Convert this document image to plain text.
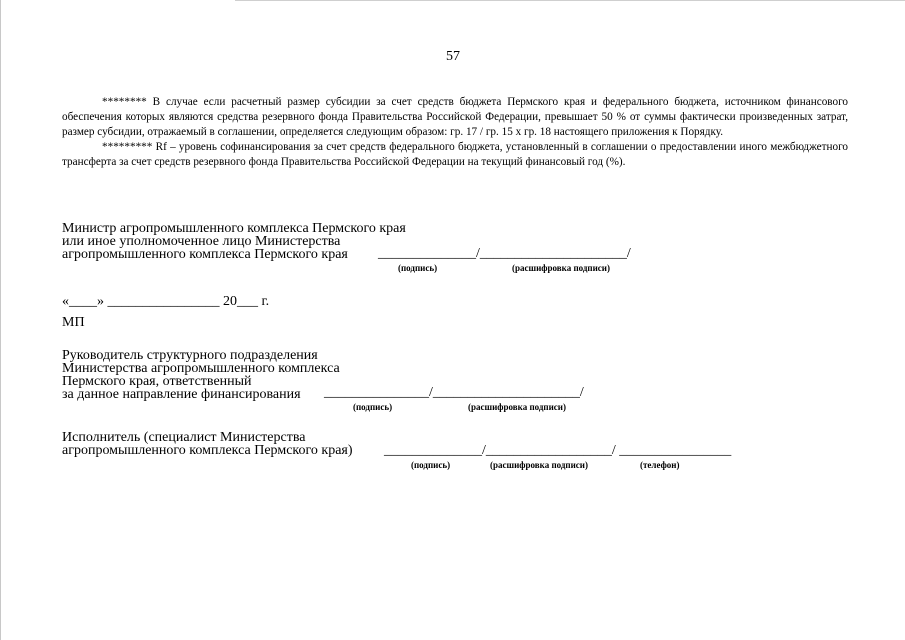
57

******** В случае если расчетный размер субсидии за счет средств бюджета Пермского края и федерального бюджета, источником финансового обеспечения которых являются средства резервного фонда Правительства Российской Федерации, превышает 50 % от суммы фактически произведенных затрат, размер субсидии, отражаемый в соглашении, определяется следующим образом: гр. 17 / гр. 15 х гр. 18 настоящего приложения к Порядку.

********* Rf – уровень софинансирования за счет средств федерального бюджета, установленный в соглашении о предоставлении иного межбюджетного трансферта за счет средств резервного фонда Правительства Российской Федерации на текущий финансовый год (%).

Министр агропромышленного комплекса Пермского края
или иное уполномоченное лицо Министерства
агропромышленного комплекса Пермского края	______________/_____________________/
(подпись)	(расшифровка подписи)
«____» ________________ 20___ г.
МП
Руководитель структурного подразделения
Министерства агропромышленного комплекса
Пермского края, ответственный
за данное направление финансирования	_______________/_____________________/
(подпись)	(расшифровка подписи)
Исполнитель (специалист Министерства
агропромышленного комплекса Пермского края) ______________/__________________/ ________________
(подпись)	(расшифровка подписи)	(телефон)
